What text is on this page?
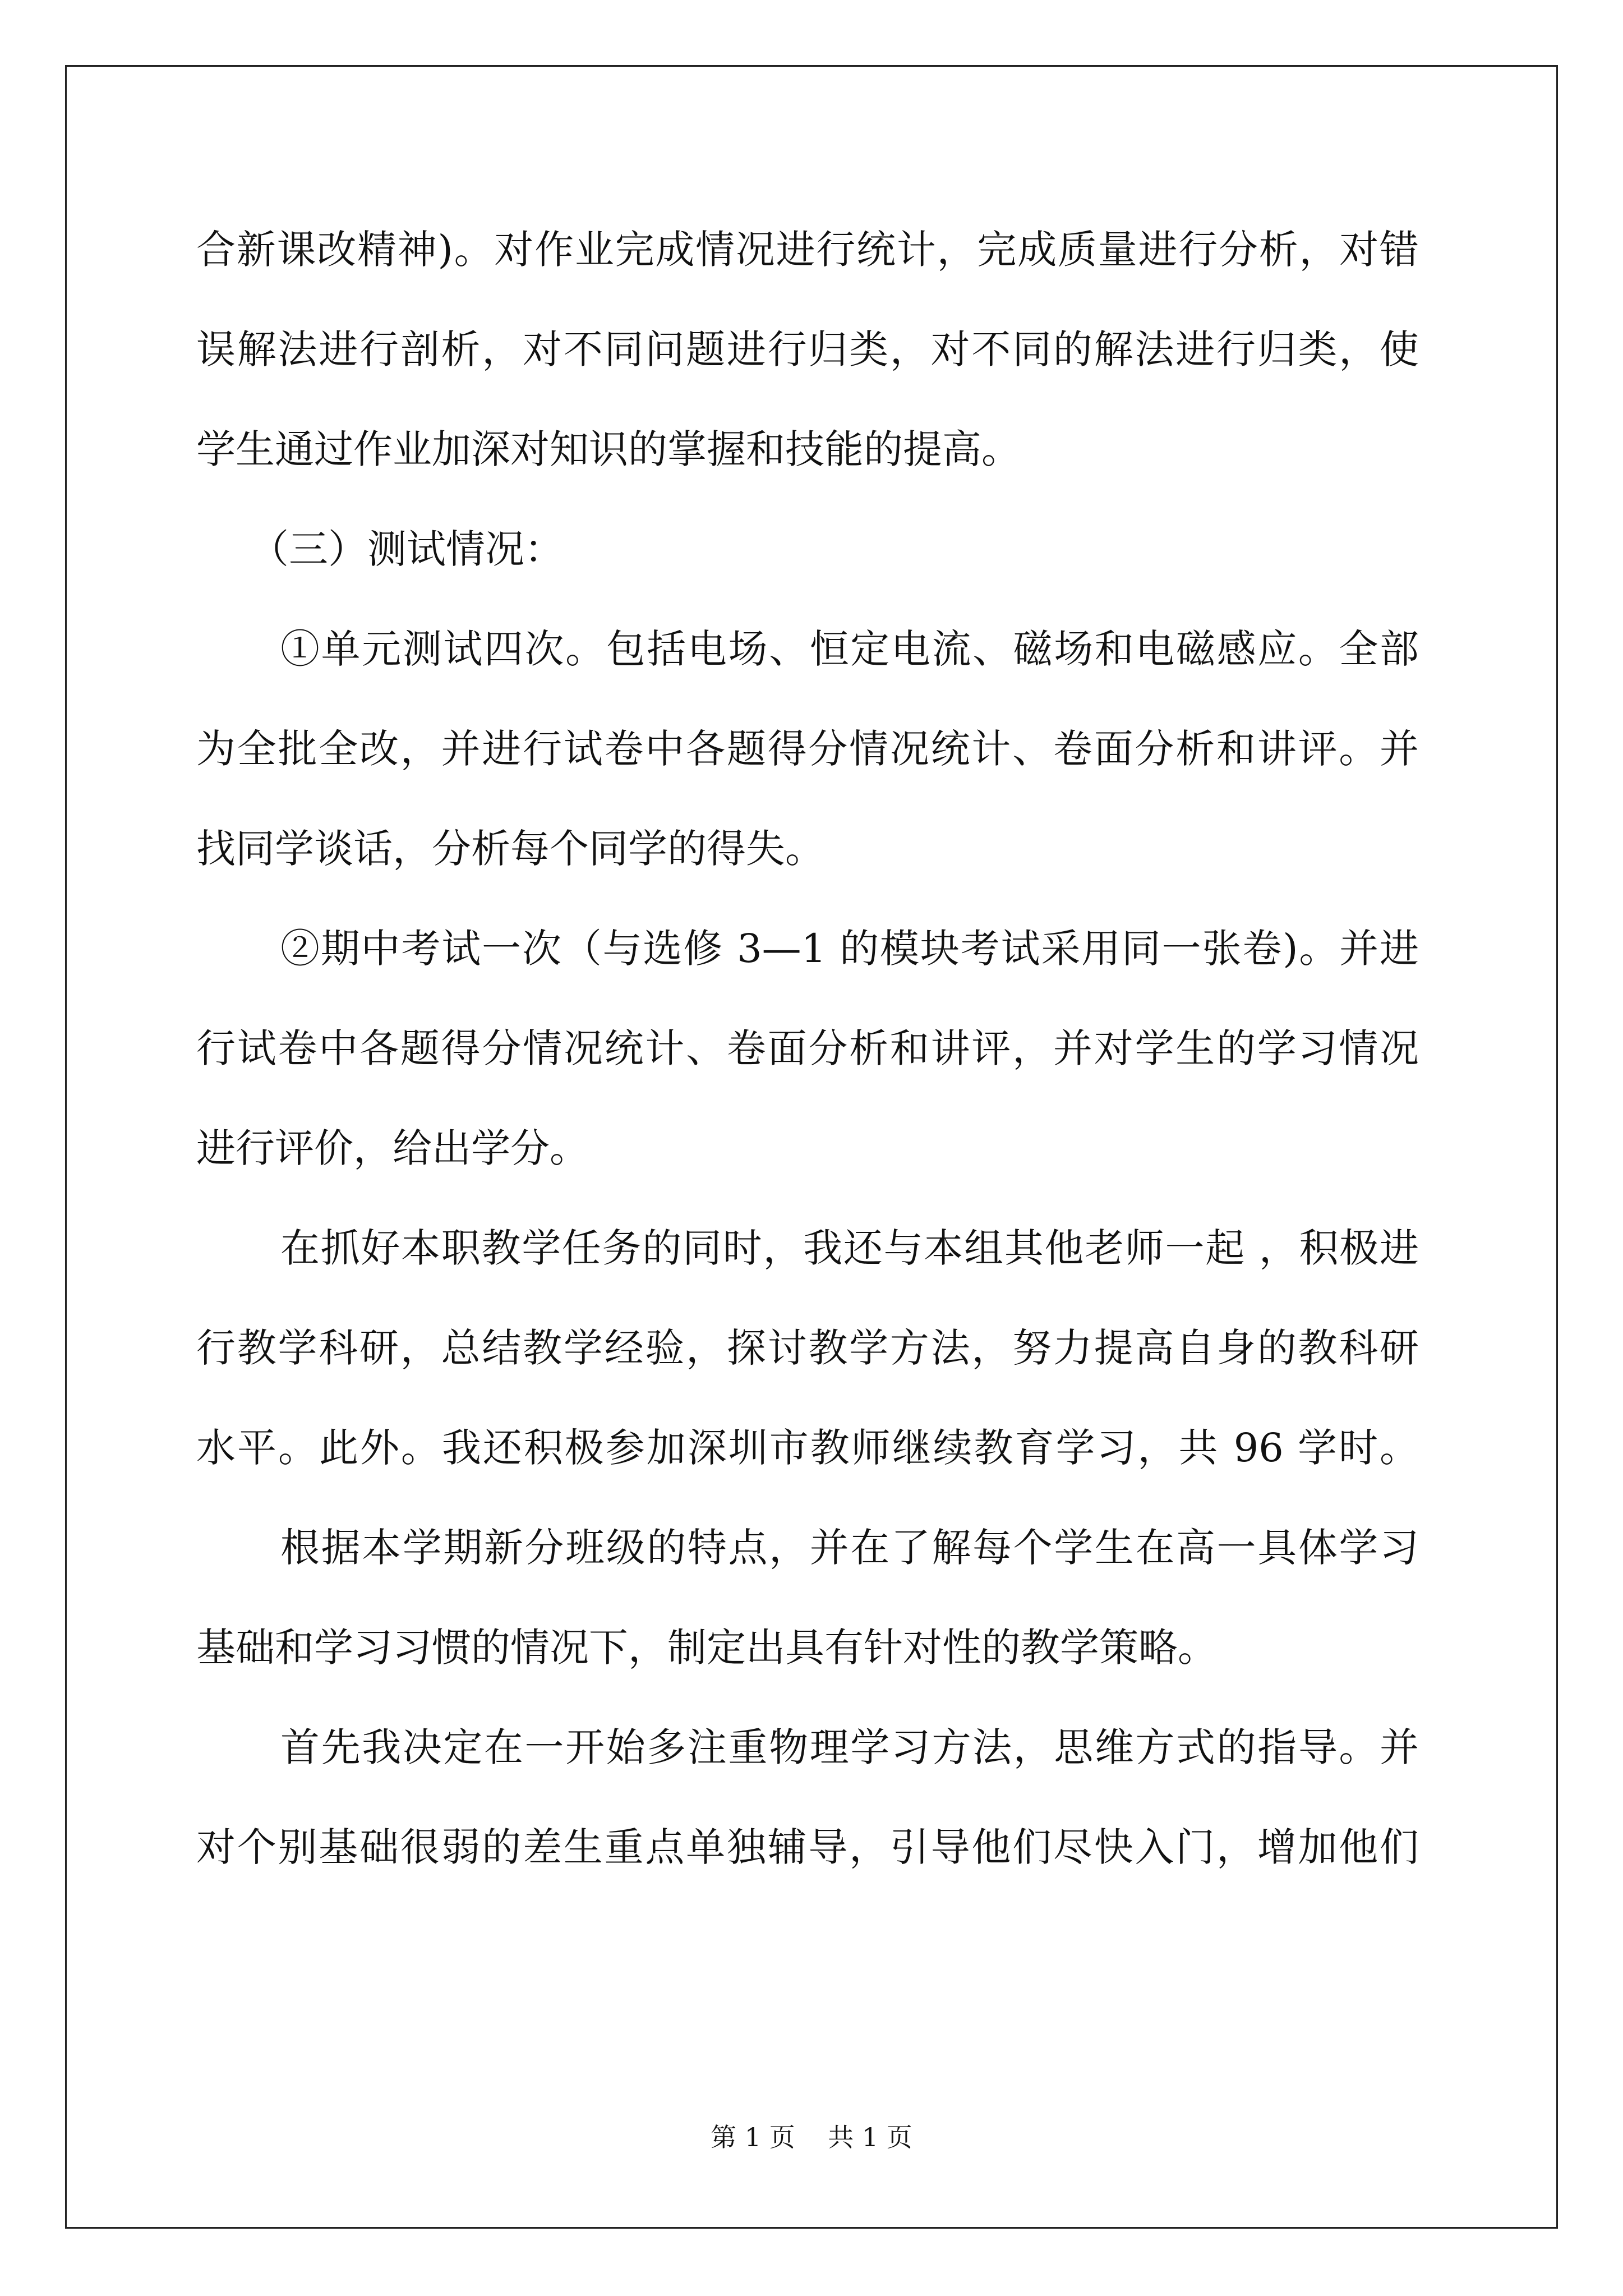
合新课改精神)。对作业完成情况进行统计，完成质量进行分析，对错
误解法进行剖析，对不同问题进行归类，对不同的解法进行归类，使
学生通过作业加深对知识的掌握和技能的提高。
（三）测试情况：
①单元测试四次。包括电场、恒定电流、磁场和电磁感应。全部
为全批全改，并进行试卷中各题得分情况统计、卷面分析和讲评。并
找同学谈话，分析每个同学的得失。
②期中考试一次（与选修 3—1 的模块考试采用同一张卷)。并进
行试卷中各题得分情况统计、卷面分析和讲评，并对学生的学习情况
进行评价，给出学分。
在抓好本职教学任务的同时，我还与本组其他老师一起 ，积极进
行教学科研，总结教学经验，探讨教学方法，努力提高自身的教科研
水平。此外。我还积极参加深圳市教师继续教育学习，共 96 学时。
根据本学期新分班级的特点，并在了解每个学生在高一具体学习
基础和学习习惯的情况下，制定出具有针对性的教学策略。
首先我决定在一开始多注重物理学习方法，思维方式的指导。并
对个别基础很弱的差生重点单独辅导，引导他们尽快入门，增加他们
第 1 页    共 1 页
